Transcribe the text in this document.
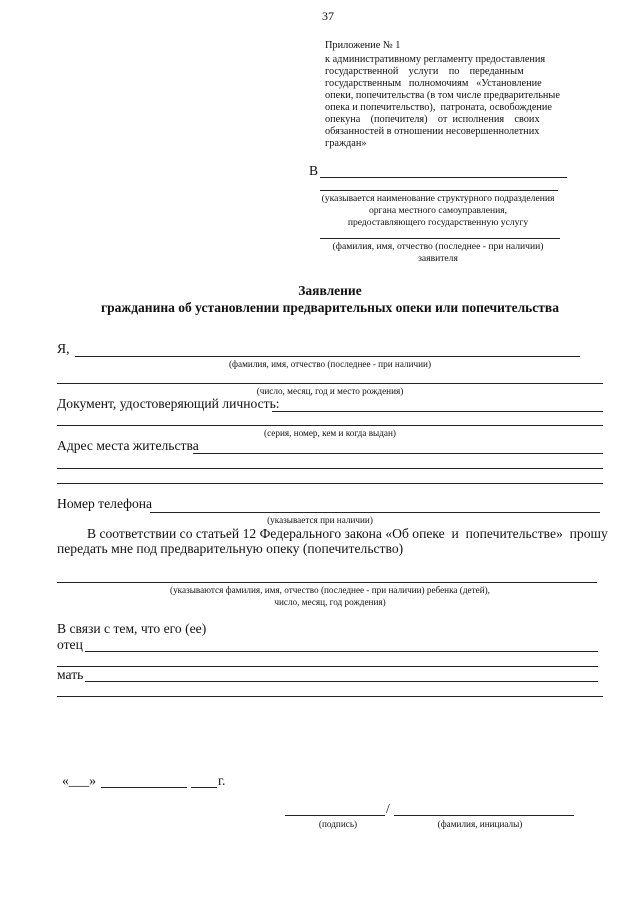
37
Приложение № 1
к административному регламенту предоставления
государственной    услуги    по    переданным
государственным   полномочиям   «Установление
опеки, попечительства (в том числе предварительные
опека и попечительство),  патроната, освобождение
опекуна    (попечителя)    от  исполнения    своих
обязанностей в отношении несовершеннолетних
граждан»
В
(указывается наименование структурного подразделения
органа местного самоуправления,
предоставляющего государственную услугу
(фамилия, имя, отчество (последнее - при наличии)
заявителя
Заявление
гражданина об установлении предварительных опеки или попечительства
Я,
(фамилия, имя, отчество (последнее - при наличии)
(число, месяц, год и место рождения)
Документ, удостоверяющий личность:
(серия, номер, кем и когда выдан)
Адрес места жительства
Номер телефона
(указывается при наличии)
В соответствии со статьей 12 Федерального закона «Об опеке  и  попечительстве»  прошу
передать мне под предварительную опеку (попечительство)
(указываются фамилия, имя, отчество (последнее - при наличии) ребенка (детей),
число, месяц, год рождения)
В связи с тем, что его (ее)
отец
мать
«___»	г.
/
(подпись)	(фамилия, инициалы)
